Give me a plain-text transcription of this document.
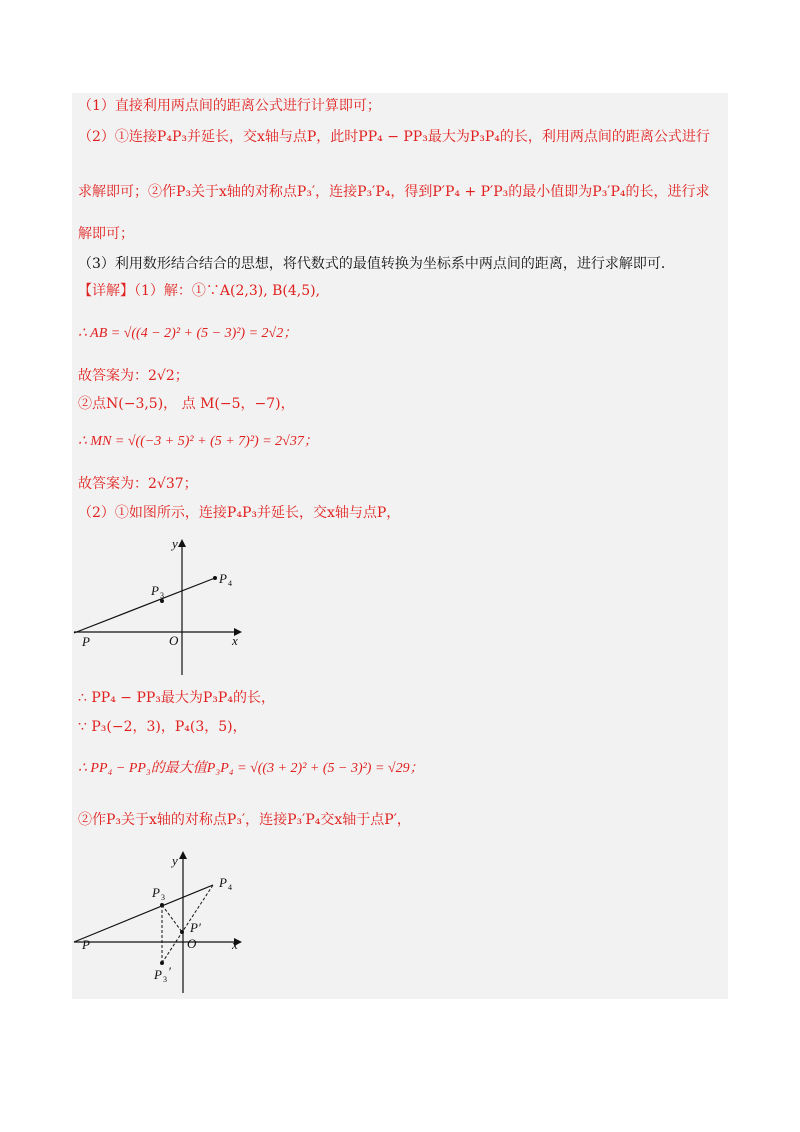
（1）直接利用两点间的距离公式进行计算即可；
（2）①连接P₄P₃并延长，交x轴与点P，此时PP₄ − PP₃最大为P₃P₄的长，利用两点间的距离公式进行
求解即可；②作P₃关于x轴的对称点P₃′，连接P₃′P₄，得到P′P₄ + P′P₃的最小值即为P₃′P₄的长，进行求
解即可；
（3）利用数形结合结合的思想，将代数式的最值转换为坐标系中两点间的距离，进行求解即可．
【详解】（1）解：①∵A(2,3), B(4,5),
∴ AB = √((4 − 2)² + (5 − 3)²) = 2√2；
故答案为：2√2；
②点N(−3,5)， 点 M(−5，−7)，
∴ MN = √((−3 + 5)² + (5 + 7)²) = 2√37；
故答案为：2√37；
（2）①如图所示，连接P₄P₃并延长，交x轴与点P，
y
x
O
P
P 3
P 4
∴ PP₄ − PP₃最大为P₃P₄的长，
∵ P₃(−2，3)，P₄(3，5)，
∴ PP₄ − PP₃的最大值P₃P₄ = √((3 + 2)² + (5 − 3)²) = √29；
②作P₃关于x轴的对称点P₃′，连接P₃′P₄交x轴于点P′，
y
x
O
P
P 3
P 4
P′
P 3
′
